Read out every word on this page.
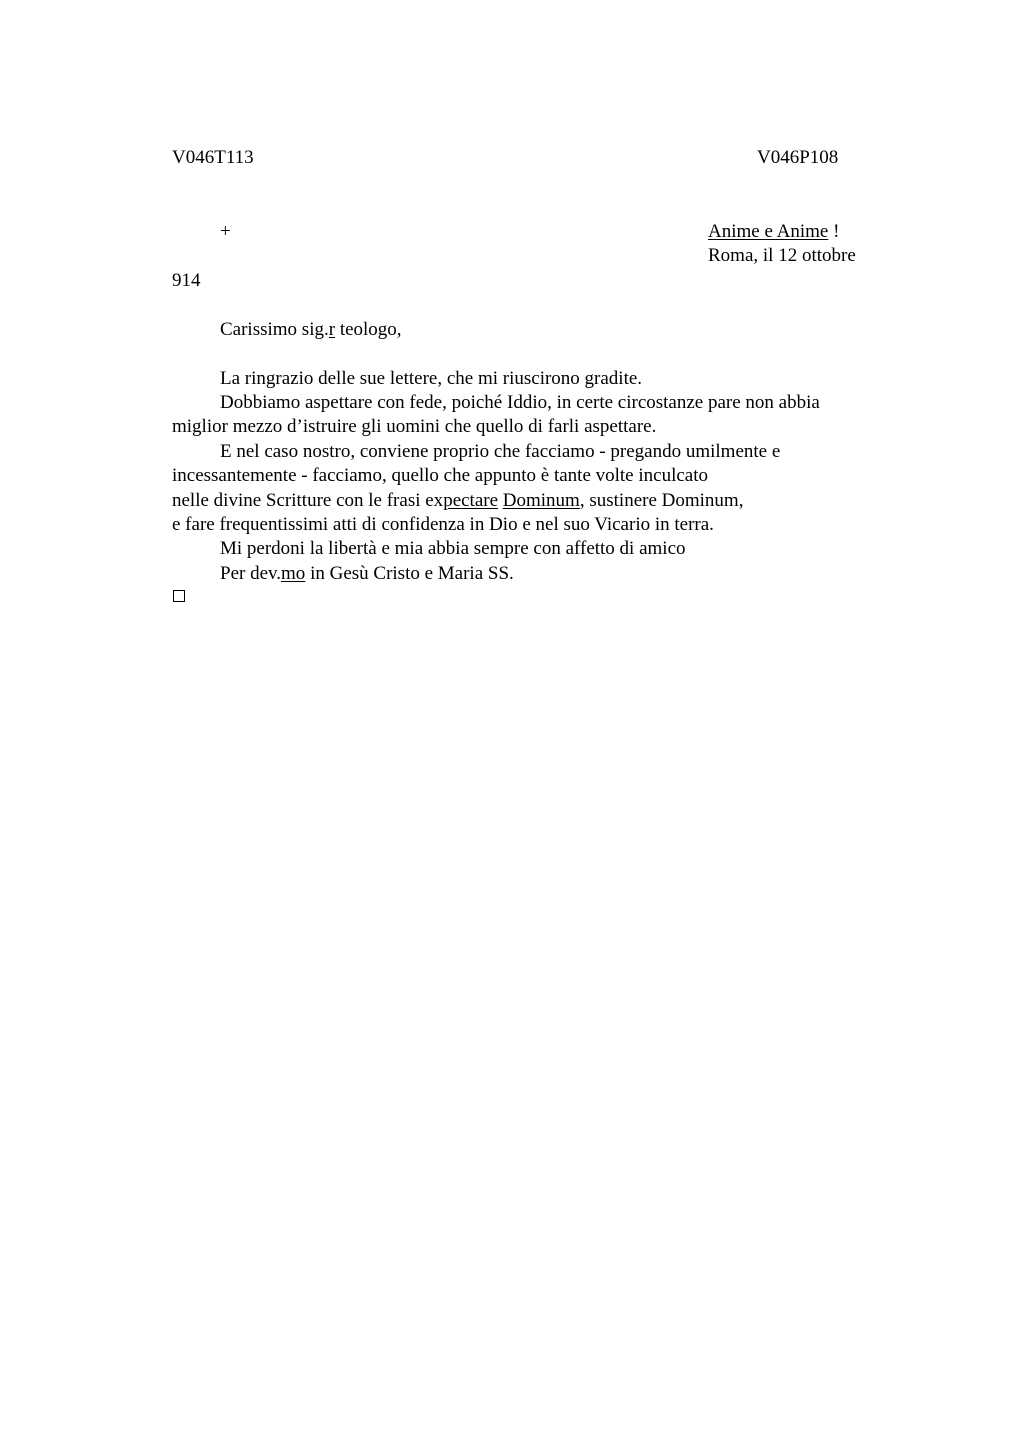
V046T113	V046P108
+	Anime e Anime !
Roma, il 12 ottobre
914
Carissimo sig.r teologo,
La ringrazio delle sue lettere, che mi riuscirono gradite.
Dobbiamo aspettare con fede, poiché Iddio, in certe circostanze pare non abbia
miglior mezzo d’istruire gli uomini che quello di farli aspettare.
E nel caso nostro, conviene proprio che facciamo - pregando umilmente e
incessantemente - facciamo, quello che appunto è tante volte inculcato
nelle divine Scritture con le frasi expectare Dominum, sustinere Dominum,
e fare frequentissimi atti di confidenza in Dio e nel suo Vicario in terra.
Mi perdoni la libertà e mia abbia sempre con affetto di amico
Per dev.mo in Gesù Cristo e Maria SS.
